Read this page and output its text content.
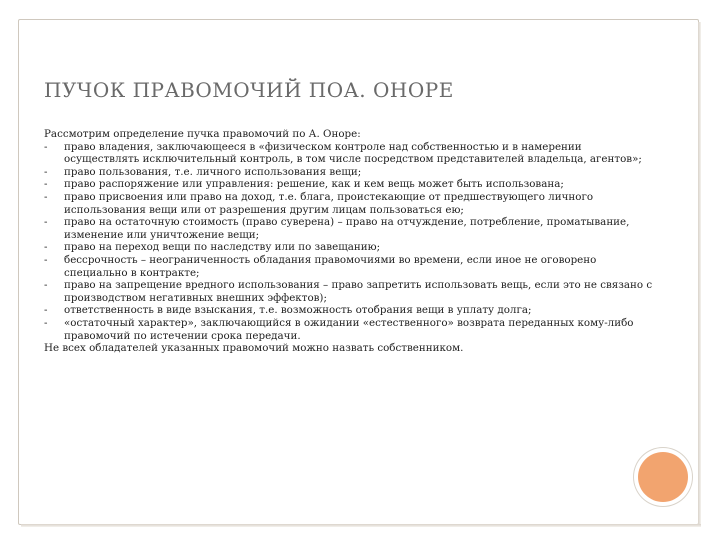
ПУЧОК ПРАВОМОЧИЙ ПОА. ОНОРЕ

Рассмотрим определение пучка правомочий по А. Оноре:

- право владения, заключающееся в «физическом контроле над собственностью и в намерении осуществлять исключительный контроль, в том числе посредством представителей владельца, агентов»;
- право пользования, т.е. личного использования вещи;
- право распоряжение или управления: решение, как и кем вещь может быть использована;
- право присвоения или право на доход, т.е. блага, проистекающие от предшествующего личного использования вещи или от разрешения другим лицам пользоваться ею;
- право на остаточную стоимость (право суверена) – право на отчуждение, потребление, проматывание, изменение или уничтожение вещи;
- право на переход вещи по наследству или по завещанию;
- бессрочность – неограниченность обладания правомочиями во времени, если иное не оговорено специально в контракте;
- право на запрещение вредного использования – право запретить использовать вещь, если это не связано с производством негативных внешних эффектов);
- ответственность в виде взыскания, т.е. возможность отобрания вещи в уплату долга;
- «остаточный характер», заключающийся в ожидании «естественного» возврата переданных кому-либо правомочий по истечении срока передачи.

Не всех обладателей указанных правомочий можно назвать собственником.
